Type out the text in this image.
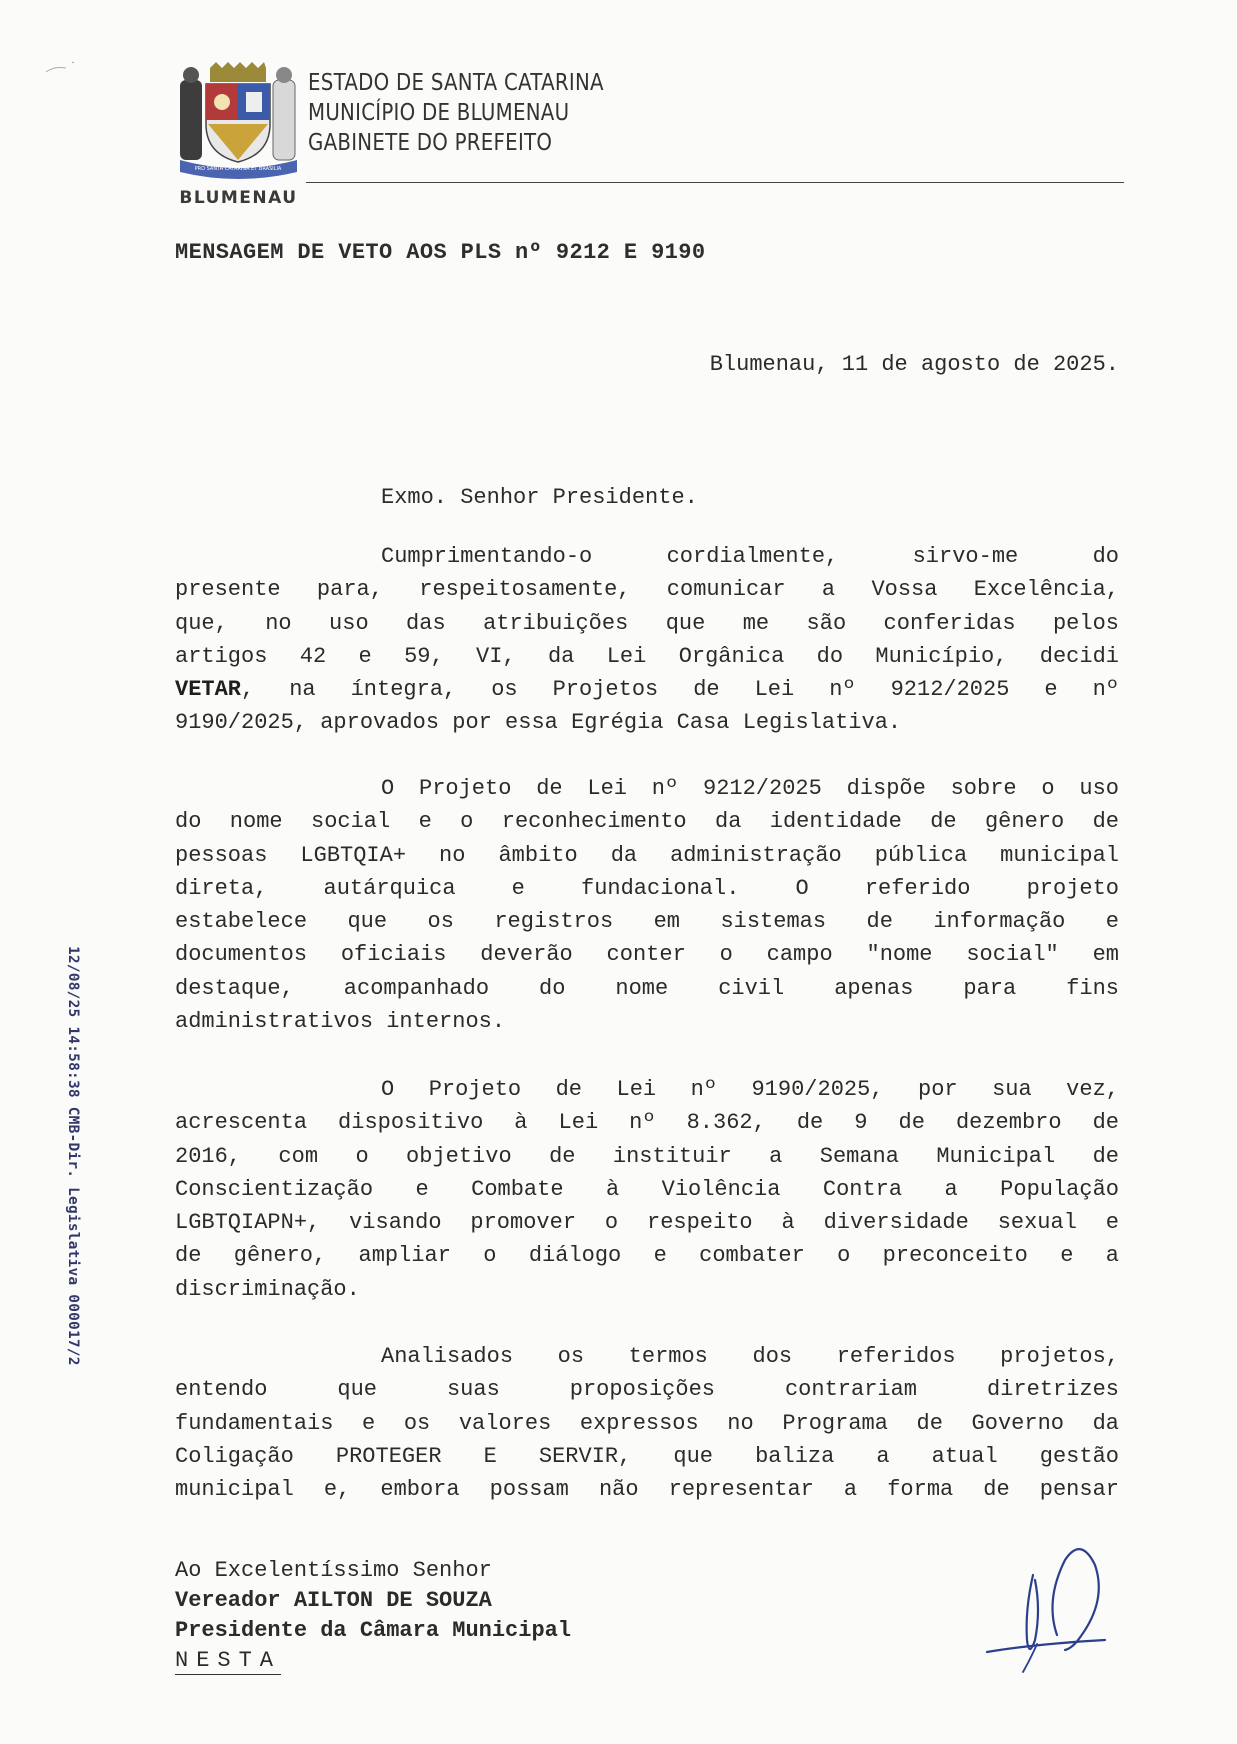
PRO SANTA CATARINA ET BRASILIA
BLUMENAU
ESTADO DE SANTA CATARINA
MUNICÍPIO DE BLUMENAU
GABINETE DO PREFEITO
MENSAGEM DE VETO AOS PLS nº 9212 E 9190
Blumenau, 11 de agosto de 2025.
Exmo. Senhor Presidente.

Cumprimentando-o cordialmente, sirvo-me do
presente para, respeitosamente, comunicar a Vossa Excelência,
que, no uso das atribuições que me são conferidas pelos
artigos 42 e 59, VI, da Lei Orgânica do Município, decidi
VETAR, na íntegra, os Projetos de Lei nº 9212/2025 e nº
9190/2025, aprovados por essa Egrégia Casa Legislativa.

O Projeto de Lei nº 9212/2025 dispõe sobre o uso
do nome social e o reconhecimento da identidade de gênero de
pessoas LGBTQIA+ no âmbito da administração pública municipal
direta, autárquica e fundacional. O referido projeto
estabelece que os registros em sistemas de informação e
documentos oficiais deverão conter o campo "nome social" em
destaque, acompanhado do nome civil apenas para fins
administrativos internos.

O Projeto de Lei nº 9190/2025, por sua vez,
acrescenta dispositivo à Lei nº 8.362, de 9 de dezembro de
2016, com o objetivo de instituir a Semana Municipal de
Conscientização e Combate à Violência Contra a População
LGBTQIAPN+, visando promover o respeito à diversidade sexual e
de gênero, ampliar o diálogo e combater o preconceito e a
discriminação.

Analisados os termos dos referidos projetos,
entendo que suas proposições contrariam diretrizes
fundamentais e os valores expressos no Programa de Governo da
Coligação PROTEGER E SERVIR, que baliza a atual gestão
municipal e, embora possam não representar a forma de pensar

Ao Excelentíssimo Senhor
Vereador AILTON DE SOUZA
Presidente da Câmara Municipal
NESTA
12/08/25 14:58:38 CMB-Dir. Legislativa 000017/2
